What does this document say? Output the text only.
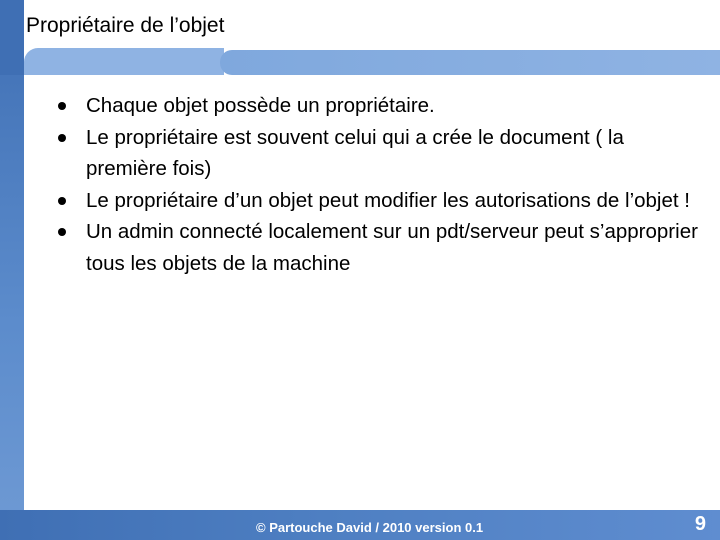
Propriétaire de l’objet
Chaque objet possède un propriétaire.
Le propriétaire est souvent celui qui a crée le document ( la première fois)
Le propriétaire d’un objet peut modifier les autorisations de l’objet !
Un admin connecté localement sur un pdt/serveur peut s’approprier tous les objets de la machine
© Partouche David / 2010 version 0.1	9
